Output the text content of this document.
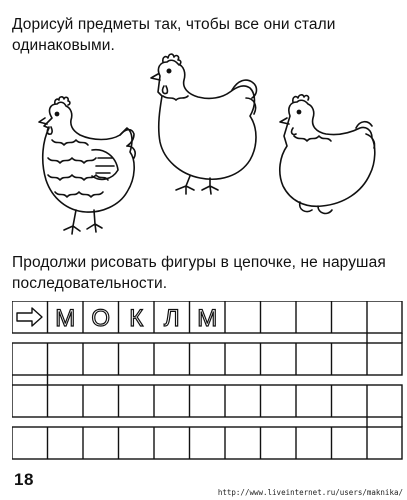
Дорисуй предметы так, чтобы все они стали
одинаковыми.
Продолжи рисовать фигуры в цепочке, не нарушая
последовательности.
М О К Л М
18
http://www.liveinternet.ru/users/maknika/
